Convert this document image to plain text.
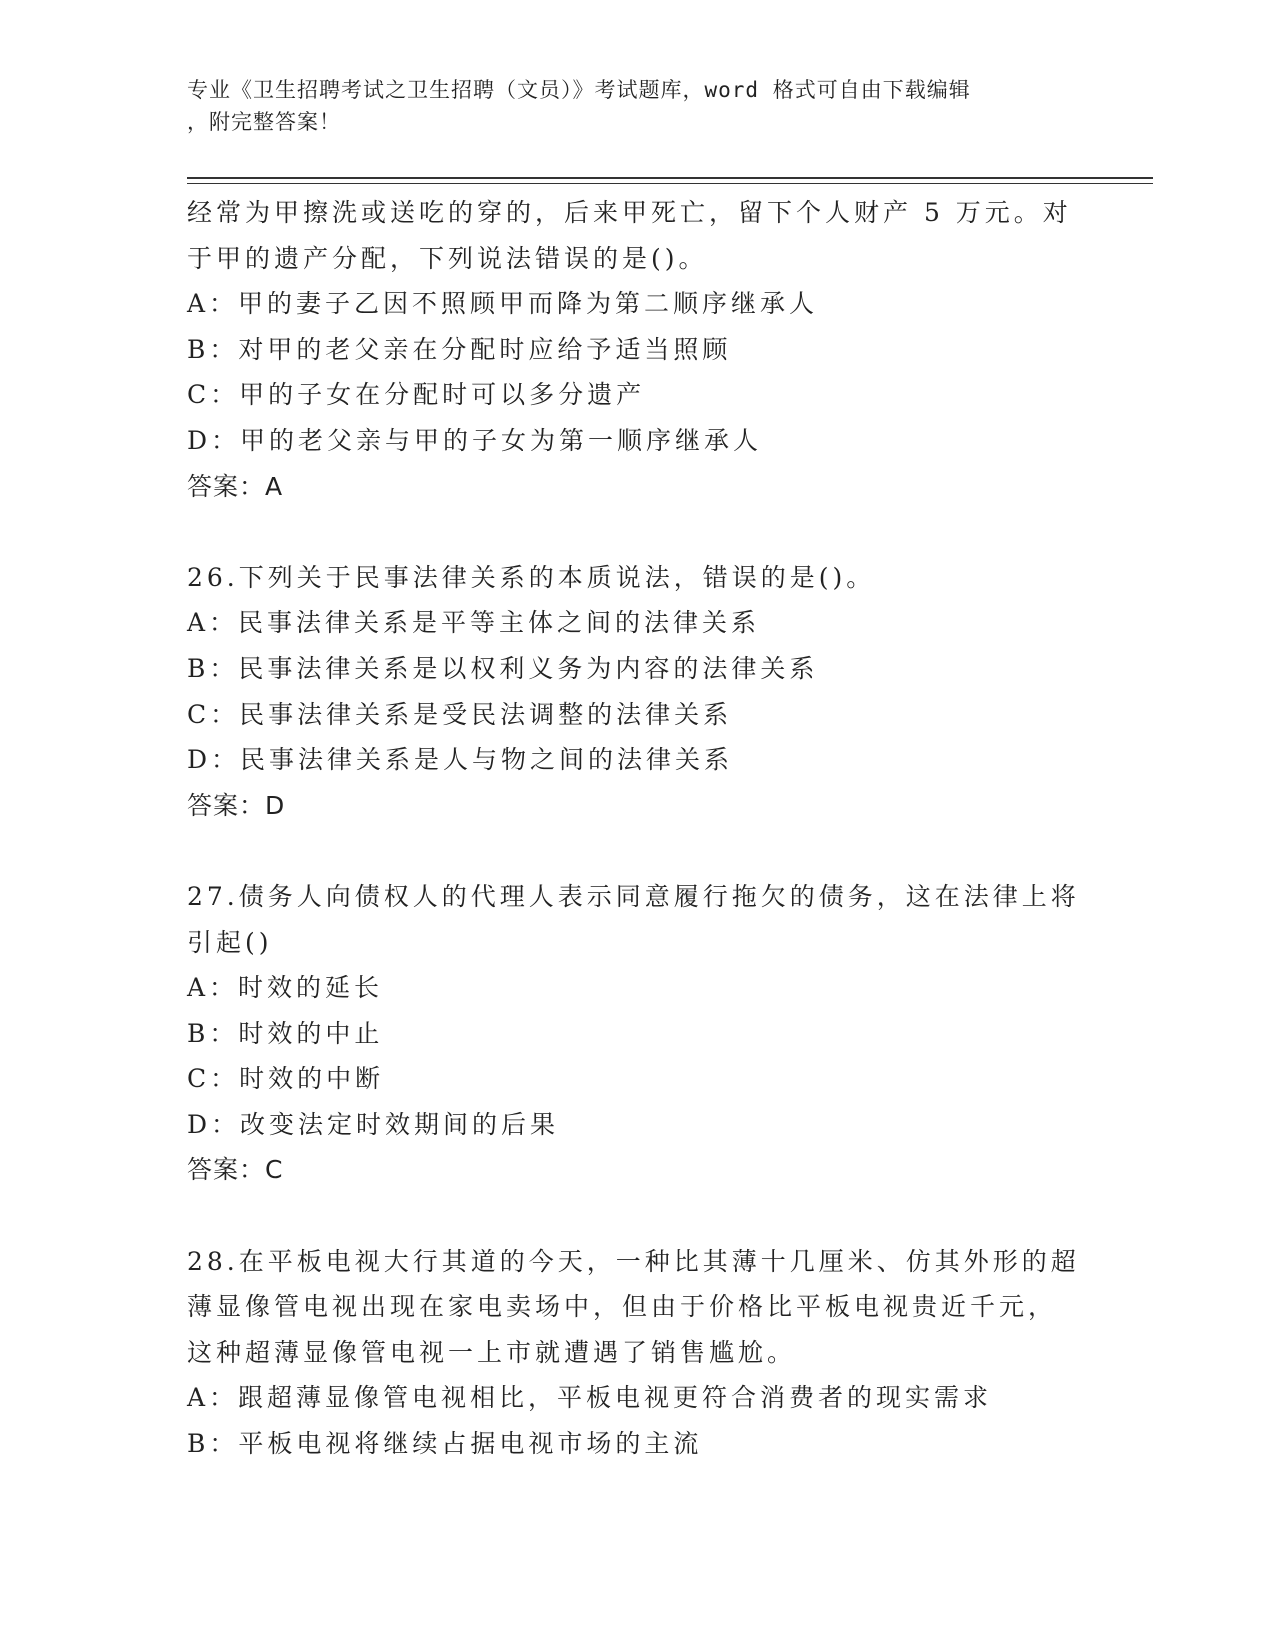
专业《卫生招聘考试之卫生招聘（文员）》考试题库，word 格式可自由下载编辑
，附完整答案！
经常为甲擦洗或送吃的穿的，后来甲死亡，留下个人财产 5 万元。对
于甲的遗产分配，下列说法错误的是()。
A：甲的妻子乙因不照顾甲而降为第二顺序继承人
B：对甲的老父亲在分配时应给予适当照顾
C：甲的子女在分配时可以多分遗产
D：甲的老父亲与甲的子女为第一顺序继承人
答案：A
26.下列关于民事法律关系的本质说法，错误的是()。
A：民事法律关系是平等主体之间的法律关系
B：民事法律关系是以权利义务为内容的法律关系
C：民事法律关系是受民法调整的法律关系
D：民事法律关系是人与物之间的法律关系
答案：D
27.债务人向债权人的代理人表示同意履行拖欠的债务，这在法律上将
引起()
A：时效的延长
B：时效的中止
C：时效的中断
D：改变法定时效期间的后果
答案：C
28.在平板电视大行其道的今天，一种比其薄十几厘米、仿其外形的超
薄显像管电视出现在家电卖场中，但由于价格比平板电视贵近千元，
这种超薄显像管电视一上市就遭遇了销售尴尬。
A：跟超薄显像管电视相比，平板电视更符合消费者的现实需求
B：平板电视将继续占据电视市场的主流
